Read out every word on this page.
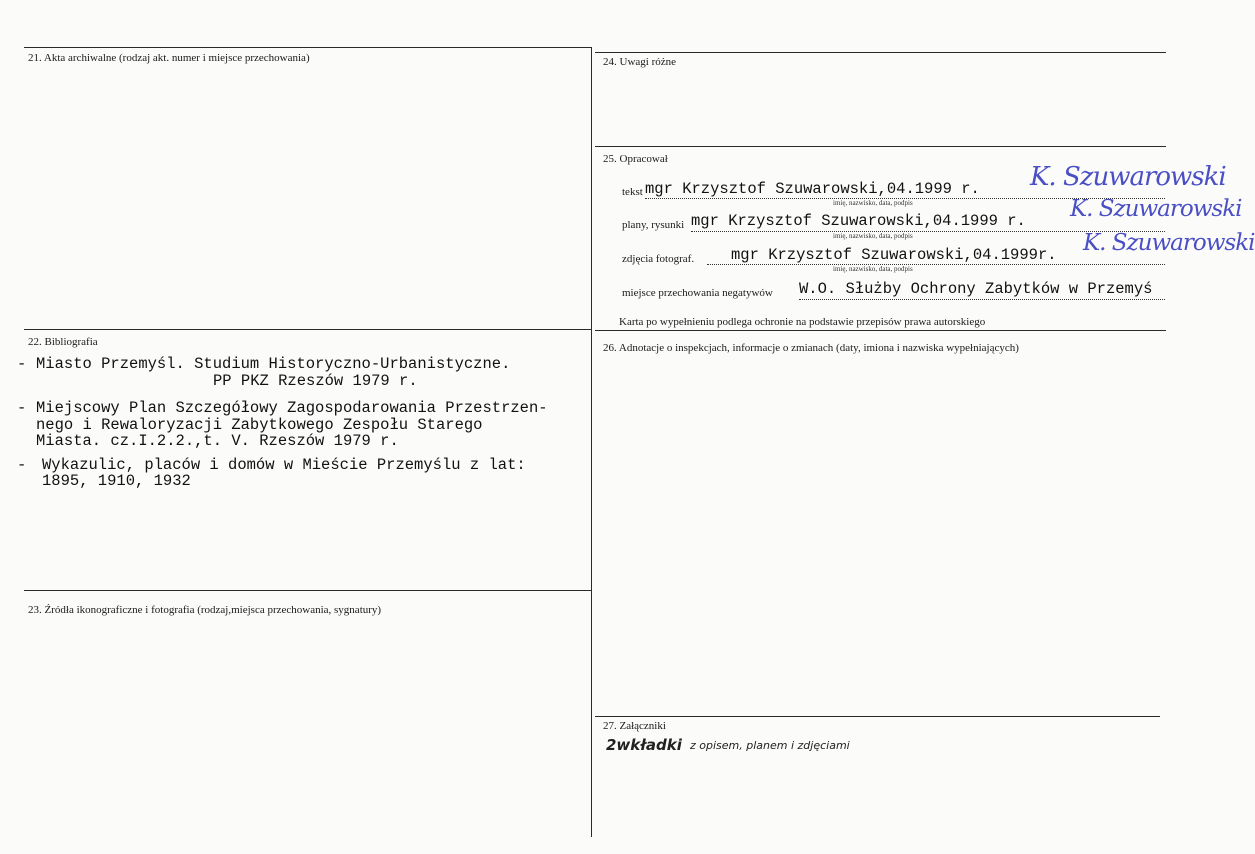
21. Akta archiwalne (rodzaj akt. numer i miejsce przechowania)
22. Bibliografia
- Miasto Przemyśl. Studium Historyczno-Urbanistyczne.
PP PKZ Rzeszów 1979 r.
- Miejscowy Plan Szczegółowy Zagospodarowania Przestrzen-
nego i Rewaloryzacji Zabytkowego Zespołu Starego
Miasta. cz.I.2.2.,t. V. Rzeszów 1979 r.
- Wykazulic, placów i domów w Mieście Przemyślu z lat:
1895, 1910, 1932
23. Źródła ikonograficzne i fotografia (rodzaj,miejsca przechowania, sygnatury)
24. Uwagi różne
25. Opracował
tekst mgr Krzysztof Szuwarowski,04.1999 r.
imię, nazwisko, data, podpis
K. Szuwarowski
plany, rysunki mgr Krzysztof Szuwarowski,04.1999 r.
imię, nazwisko, data, podpis
K. Szuwarowski
zdjęcia fotograf. mgr Krzysztof Szuwarowski,04.1999r.
imię, nazwisko, data, podpis
K. Szuwarowski
miejsce przechowania negatywów W.O. Służby Ochrony Zabytków w Przemyś
Karta po wypełnieniu podlega ochronie na podstawie przepisów prawa autorskiego
26. Adnotacje o inspekcjach, informacje o zmianach (daty, imiona i nazwiska wypełniających)
27. Załączniki
2wkładki z opisem, planem i zdjęciami
